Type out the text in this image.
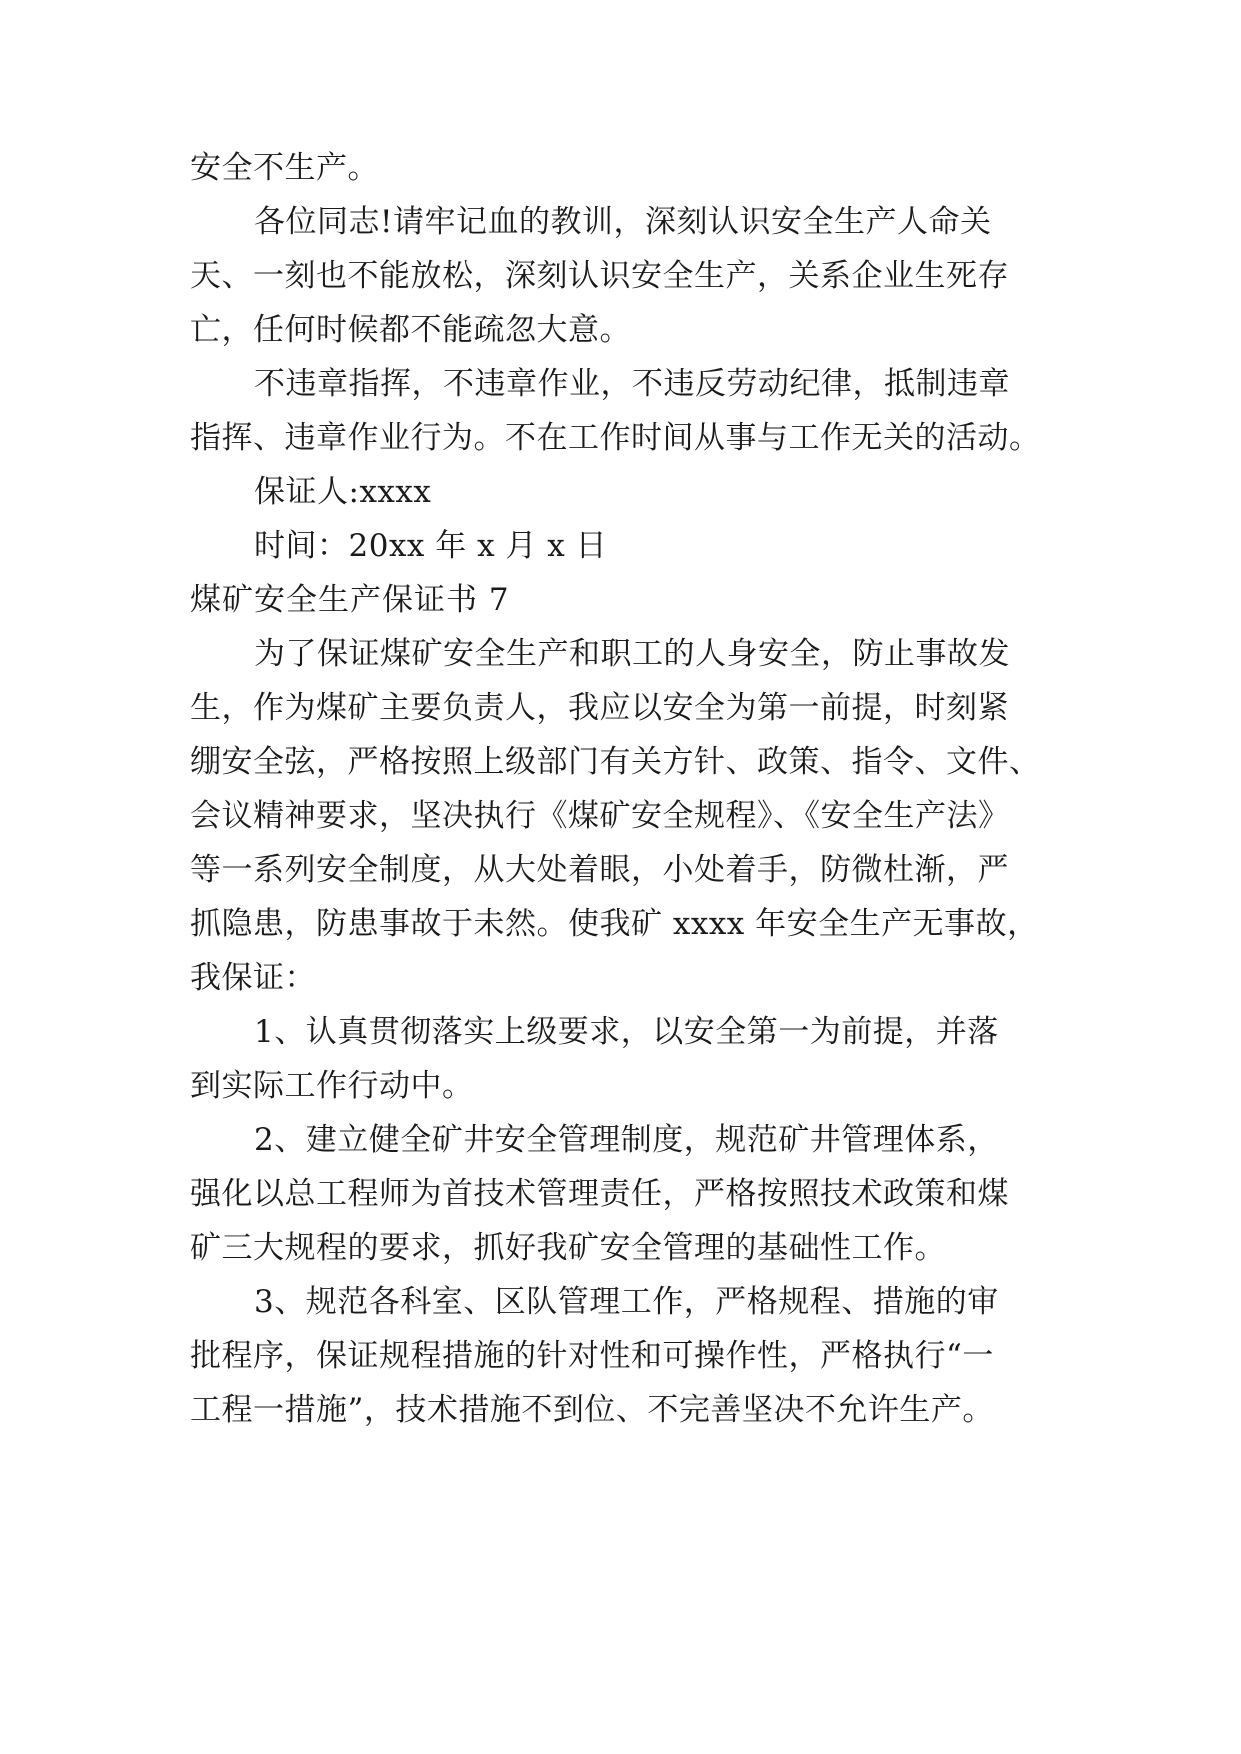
安全不生产。
各位同志!请牢记血的教训，深刻认识安全生产人命关
天、一刻也不能放松，深刻认识安全生产，关系企业生死存
亡，任何时候都不能疏忽大意。
不违章指挥，不违章作业，不违反劳动纪律，抵制违章
指挥、违章作业行为。不在工作时间从事与工作无关的活动。
保证人:xxxx
时间：20xx 年 x 月 x 日
煤矿安全生产保证书 7
为了保证煤矿安全生产和职工的人身安全，防止事故发
生，作为煤矿主要负责人，我应以安全为第一前提，时刻紧
绷安全弦，严格按照上级部门有关方针、政策、指令、文件、
会议精神要求，坚决执行《煤矿安全规程》、《安全生产法》
等一系列安全制度，从大处着眼，小处着手，防微杜渐，严
抓隐患，防患事故于未然。使我矿 xxxx 年安全生产无事故，
我保证：
1、认真贯彻落实上级要求，以安全第一为前提，并落
到实际工作行动中。
2、建立健全矿井安全管理制度，规范矿井管理体系，
强化以总工程师为首技术管理责任，严格按照技术政策和煤
矿三大规程的要求，抓好我矿安全管理的基础性工作。
3、规范各科室、区队管理工作，严格规程、措施的审
批程序，保证规程措施的针对性和可操作性，严格执行“一
工程一措施”，技术措施不到位、不完善坚决不允许生产。
